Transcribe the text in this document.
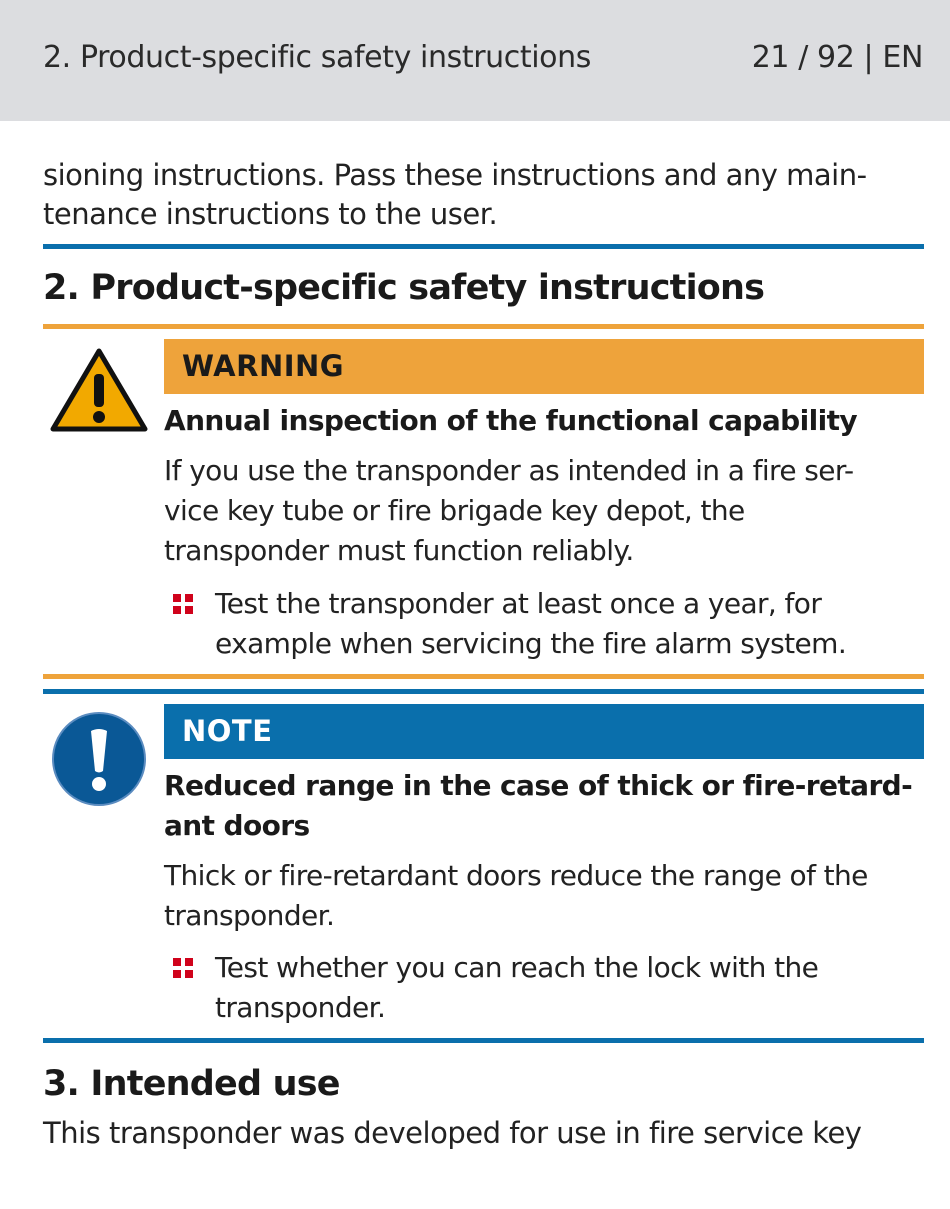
2. Product-specific safety instructions	21 / 92 | EN
sioning instructions. Pass these instructions and any main-
tenance instructions to the user.
2. Product-specific safety instructions
WARNING
Annual inspection of the functional capability
If you use the transponder as intended in a fire ser-
vice key tube or fire brigade key depot, the
transponder must function reliably.
Test the transponder at least once a year, for
example when servicing the fire alarm system.
NOTE
Reduced range in the case of thick or fire-retard-
ant doors
Thick or fire-retardant doors reduce the range of the
transponder.
Test whether you can reach the lock with the
transponder.
3. Intended use
This transponder was developed for use in fire service key
